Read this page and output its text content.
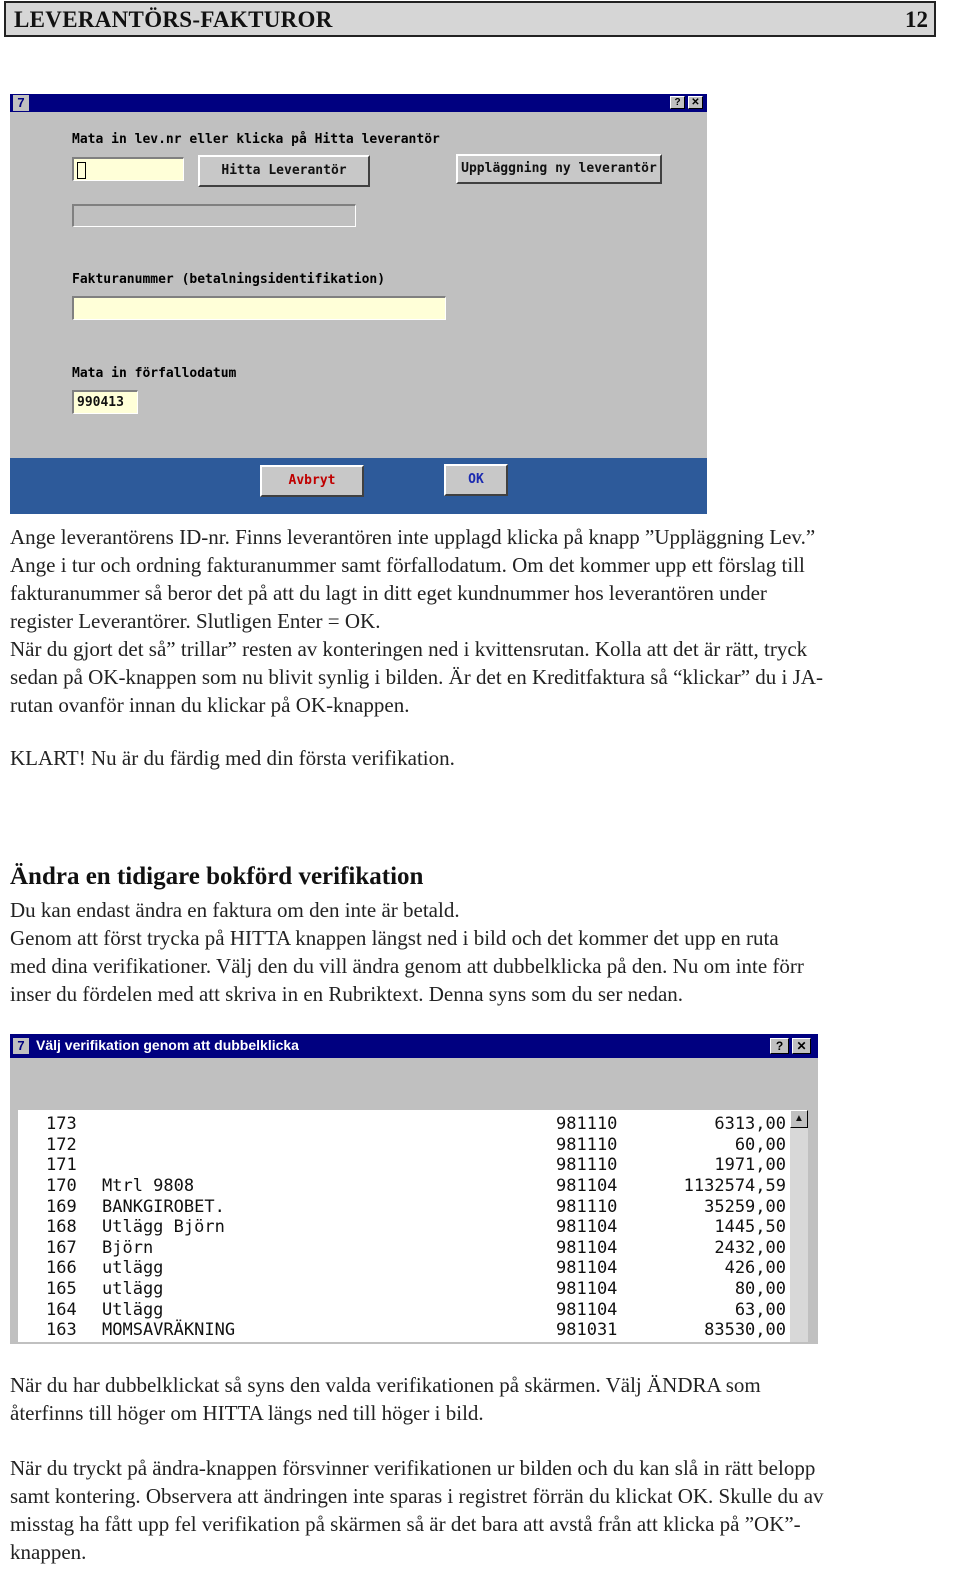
LEVERANTÖRS-FAKTUROR	12
7	?	✕
Mata in lev.nr eller klicka på Hitta leverantör
Hitta Leverantör	Uppläggning ny leverantör
Fakturanummer (betalningsidentifikation)
Mata in förfallodatum
990413
Avbryt	OK
Ange leverantörens ID-nr. Finns leverantören inte upplagd klicka på knapp ”Uppläggning Lev.”
Ange i tur och ordning fakturanummer samt förfallodatum. Om det kommer upp ett förslag till
fakturanummer så beror det på att du lagt in ditt eget kundnummer hos leverantören under
register Leverantörer. Slutligen Enter = OK.
När du gjort det så” trillar” resten av konteringen ned i kvittensrutan. Kolla att det är rätt, tryck
sedan på OK-knappen som nu blivit synlig i bilden. Är det en Kreditfaktura så “klickar” du i JA-
rutan ovanför innan du klickar på OK-knappen.
KLART! Nu är du färdig med din första verifikation.
Ändra en tidigare bokförd verifikation
Du kan endast ändra en faktura om den inte är betald.
Genom att först trycka på HITTA knappen längst ned i bild och det kommer det upp en ruta
med dina verifikationer. Välj den du vill ändra genom att dubbelklicka på den. Nu om inte förr
inser du fördelen med att skriva in en Rubriktext. Denna syns som du ser nedan.
7 Välj verifikation genom att dubbelklicka	?	✕
173	981110	6313,00
172	981110	60,00
171	981110	1971,00
170 Mtrl 9808	981104	1132574,59
169 BANKGIROBET.	981110	35259,00
168 Utlägg Björn	981104	1445,50
167 Björn	981104	2432,00
166 utlägg	981104	426,00
165 utlägg	981104	80,00
164 Utlägg	981104	63,00
163 MOMSAVRÄKNING	981031	83530,00
▲
När du har dubbelklickat så syns den valda verifikationen på skärmen. Välj ÄNDRA som
återfinns till höger om HITTA längs ned till höger i bild.
När du tryckt på ändra-knappen försvinner verifikationen ur bilden och du kan slå in rätt belopp
samt kontering. Observera att ändringen inte sparas i registret förrän du klickat OK. Skulle du av
misstag ha fått upp fel verifikation på skärmen så är det bara att avstå från att klicka på ”OK”-
knappen.
